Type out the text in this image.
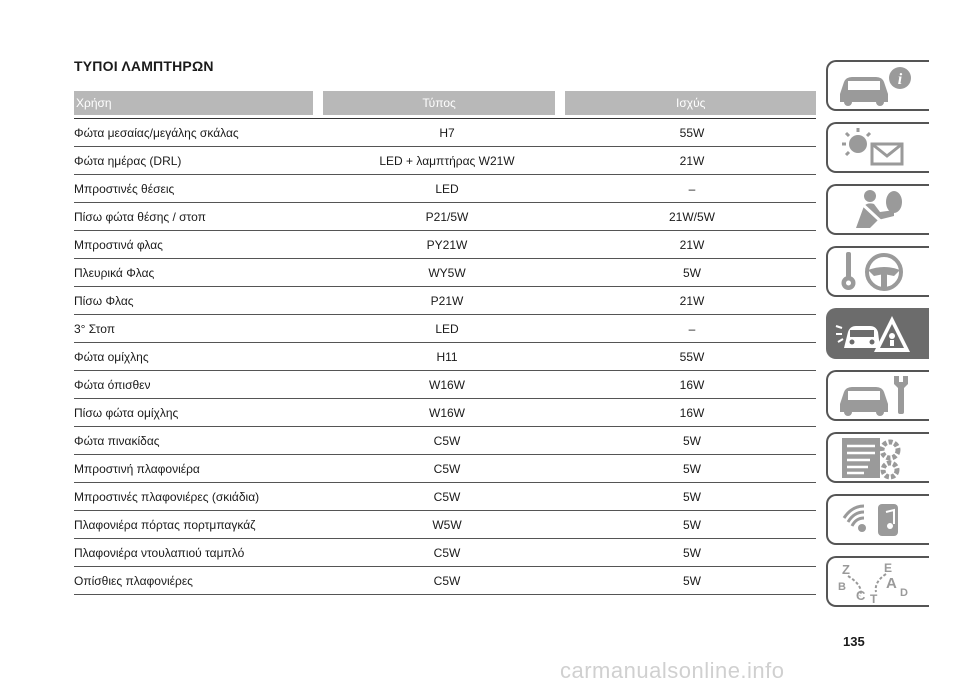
ΤΥΠΟΙ ΛΑΜΠΤΗΡΩΝ
Χρήση	Τύπος	Ισχύς
Φώτα μεσαίας/μεγάλης σκάλας	H7	55W
Φώτα ημέρας (DRL)	LED + λαμπτήρας W21W	21W
Μπροστινές θέσεις	LED	–
Πίσω φώτα θέσης / στοπ	P21/5W	21W/5W
Μπροστινά φλας	PY21W	21W
Πλευρικά Φλας	WY5W	5W
Πίσω Φλας	P21W	21W
3° Στοπ	LED	–
Φώτα ομίχλης	H11	55W
Φώτα όπισθεν	W16W	16W
Πίσω φώτα ομίχλης	W16W	16W
Φώτα πινακίδας	C5W	5W
Μπροστινή πλαφονιέρα	C5W	5W
Μπροστινές πλαφονιέρες (σκιάδια)	C5W	5W
Πλαφονιέρα πόρτας πορτμπαγκάζ	W5W	5W
Πλαφονιέρα ντουλαπιού ταμπλό	C5W	5W
Οπίσθιες πλαφονιέρες	C5W	5W
i
Z	E
B	A
C T D
135
carmanualsonline.info
